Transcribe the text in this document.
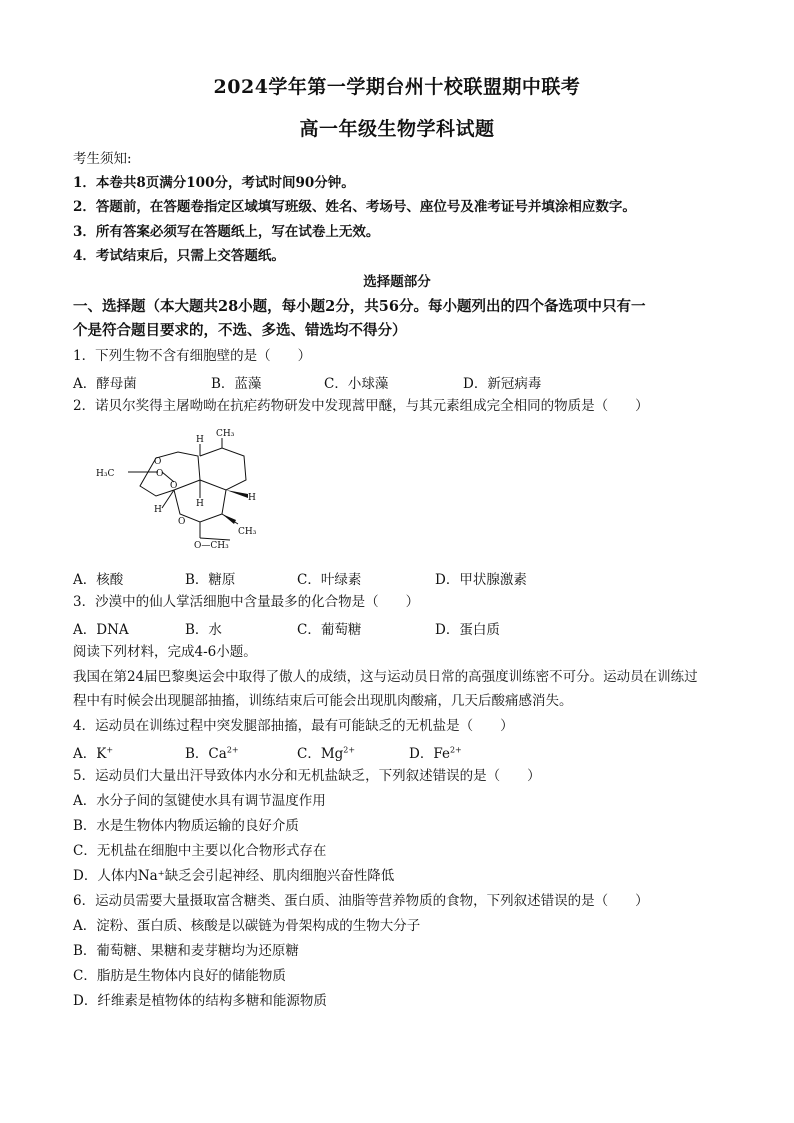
2024学年第一学期台州十校联盟期中联考
高一年级生物学科试题
考生须知:
1．本卷共8页满分100分，考试时间90分钟。
2．答题前，在答题卷指定区域填写班级、姓名、考场号、座位号及准考证号并填涂相应数字。
3．所有答案必须写在答题纸上，写在试卷上无效。
4．考试结束后，只需上交答题纸。
选择题部分
一、选择题（本大题共28小题，每小题2分，共56分。每小题列出的四个备选项中只有一
个是符合题目要求的，不选、多选、错选均不得分）
1．下列生物不含有细胞壁的是（　　）
A．酵母菌	B．蓝藻	C．小球藻	D．新冠病毒
2．诺贝尔奖得主屠呦呦在抗疟药物研发中发现蒿甲醚，与其元素组成完全相同的物质是（　　）
H
CH₃
H₃C
O
O
O
H
H
O
H
CH₃
O—CH₃
A．核酸	B．糖原	C．叶绿素	D．甲状腺激素
3．沙漠中的仙人掌活细胞中含量最多的化合物是（　　）
A．DNA	B．水	C．葡萄糖	D．蛋白质
阅读下列材料，完成4-6小题。
我国在第24届巴黎奥运会中取得了傲人的成绩，这与运动员日常的高强度训练密不可分。运动员在训练过
程中有时候会出现腿部抽搐，训练结束后可能会出现肌肉酸痛，几天后酸痛感消失。
4．运动员在训练过程中突发腿部抽搐，最有可能缺乏的无机盐是（　　）
A．K+	B．$Ca^{2+}$	C．$Mg^{2+}$	D．$Fe^{2+}$
5．运动员们大量出汗导致体内水分和无机盐缺乏，下列叙述错误的是（　　）
A．水分子间的氢键使水具有调节温度作用
B．水是生物体内物质运输的良好介质
C．无机盐在细胞中主要以化合物形式存在
D．人体内Na⁺缺乏会引起神经、肌肉细胞兴奋性降低
6．运动员需要大量摄取富含糖类、蛋白质、油脂等营养物质的食物，下列叙述错误的是（　　）
A．淀粉、蛋白质、核酸是以碳链为骨架构成的生物大分子
B．葡萄糖、果糖和麦芽糖均为还原糖
C．脂肪是生物体内良好的储能物质
D．纤维素是植物体的结构多糖和能源物质
